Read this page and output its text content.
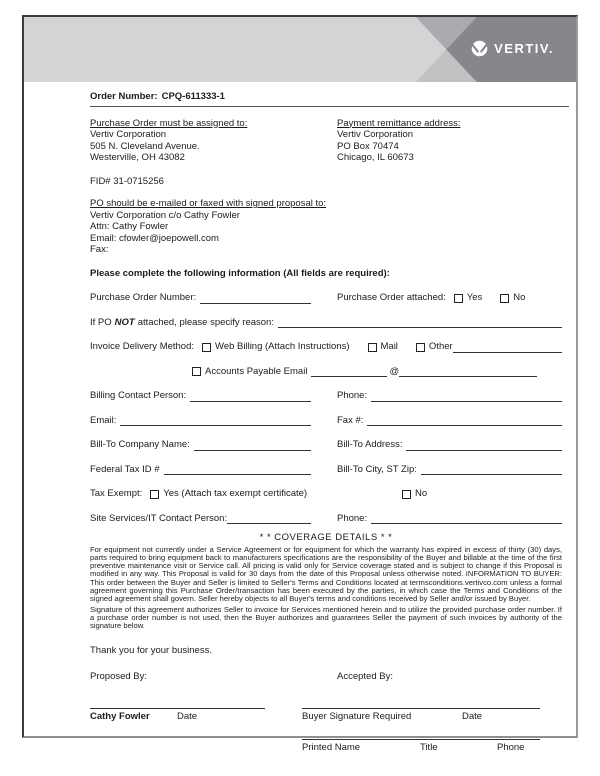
VERTIV.
Order Number: CPQ-611333-1
Purchase Order must be assigned to:
Vertiv Corporation
505 N. Cleveland Avenue.
Westerville, OH 43082
Payment remittance address:
Vertiv Corporation
PO Box 70474
Chicago, IL 60673
FID# 31-0715256
PO should be e-mailed or faxed with signed proposal to:
Vertiv Corporation c/o Cathy Fowler
Attn: Cathy Fowler
Email: cfowler@joepowell.com
Fax:
Please complete the following information (All fields are required):
Purchase Order Number:	Purchase Order attached: Yes	No
If PO NOT attached, please specify reason:
Invoice Delivery Method: Web Billing (Attach Instructions)	Mail	Other
Accounts Payable Email	@
Billing Contact Person:	Phone:
Email:	Fax #:
Bill-To Company Name:	Bill-To Address:
Federal Tax ID #	Bill-To City, ST Zip:
Tax Exempt: Yes (Attach tax exempt certificate)	No
Site Services/IT Contact Person:	Phone:
* * COVERAGE DETAILS * *
For equipment not currently under a Service Agreement or for equipment for which the warranty has expired in excess of thirty (30) days, parts required to bring equipment back to manufacturers specifications are the responsibility of the Buyer and billable at the time of the first preventive maintenance visit or Service call. All pricing is valid only for Service coverage stated and is subject to change if this Proposal is modified in any way. This Proposal is valid for 30 days from the date of this Proposal unless otherwise noted. INFORMATION TO BUYER: This order between the Buyer and Seller is limited to Seller's Terms and Conditions located at termsconditions.vertivco.com unless a formal agreement governing this Purchase Order/transaction has been executed by the parties, in which case the Terms and Conditions of the signed agreement shall govern. Seller hereby objects to all Buyer's terms and conditions received by Seller and/or issued by Buyer.
Signature of this agreement authorizes Seller to invoice for Services mentioned herein and to utilize the provided purchase order number. If a purchase order number is not used, then the Buyer authorizes and guarantees Seller the payment of such invoices by authority of the signature below.
Thank you for your business.
Proposed By:	Accepted By:
Cathy Fowler	Date	Buyer Signature Required	Date
Printed Name	Title	Phone
